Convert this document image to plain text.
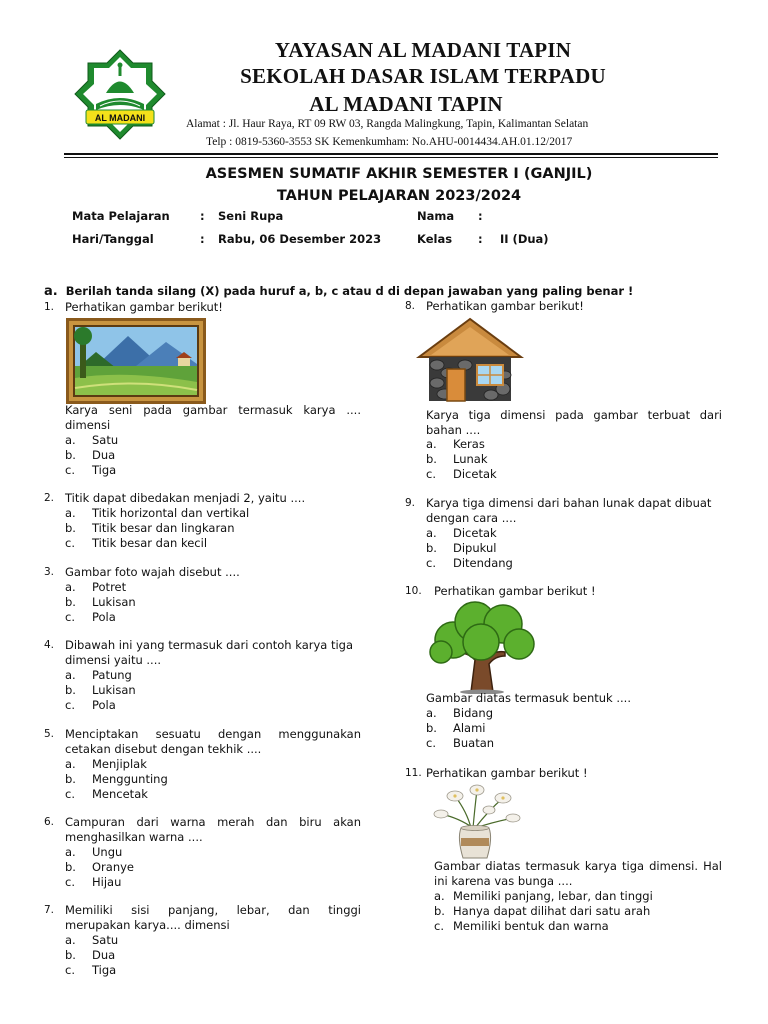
AL MADANI
YAYASAN AL MADANI TAPIN
SEKOLAH DASAR ISLAM TERPADU
AL MADANI TAPIN
Alamat : Jl. Haur Raya, RT 09 RW 03, Rangda Malingkung, Tapin, Kalimantan Selatan
Telp : 0819-5360-3553 SK Kemenkumham: No.AHU-0014434.AH.01.12/2017
ASESMEN SUMATIF AKHIR SEMESTER I (GANJIL)
TAHUN PELAJARAN 2023/2024
Mata Pelajaran	: Seni Rupa	Nama :
Hari/Tanggal	: Rabu, 06 Desember 2023	Kelas : II (Dua)
a. Berilah tanda silang (X) pada huruf a, b, c atau d di depan jawaban yang paling benar !
1. Perhatikan gambar berikut!
Karya seni pada gambar termasuk karya ....
dimensi
a. Satu
b. Dua
c. Tiga
2. Titik dapat dibedakan menjadi 2, yaitu ....
a. Titik horizontal dan vertikal
b. Titik besar dan lingkaran
c. Titik besar dan kecil
3. Gambar foto wajah disebut ....
a. Potret
b. Lukisan
c. Pola
4. Dibawah ini yang termasuk dari contoh karya tiga
dimensi yaitu ....
a. Patung
b. Lukisan
c. Pola
5. Menciptakan sesuatu dengan menggunakan
cetakan disebut dengan tekhik ....
a. Menjiplak
b. Menggunting
c. Mencetak
6. Campuran dari warna merah dan biru akan
menghasilkan warna ....
a. Ungu
b. Oranye
c. Hijau
7. Memiliki sisi panjang, lebar, dan tinggi
merupakan karya.... dimensi
a. Satu
b. Dua
c. Tiga
8. Perhatikan gambar berikut!
Karya tiga dimensi pada gambar terbuat dari
bahan ....
a. Keras
b. Lunak
c. Dicetak
9. Karya tiga dimensi dari bahan lunak dapat dibuat
dengan cara ....
a. Dicetak
b. Dipukul
c. Ditendang
10. Perhatikan gambar berikut !
Gambar diatas termasuk bentuk ....
a. Bidang
b. Alami
c. Buatan
11. Perhatikan gambar berikut !
Gambar diatas termasuk karya tiga dimensi. Hal
ini karena vas bunga ....
a. Memiliki panjang, lebar, dan tinggi
b. Hanya dapat dilihat dari satu arah
c. Memiliki bentuk dan warna
